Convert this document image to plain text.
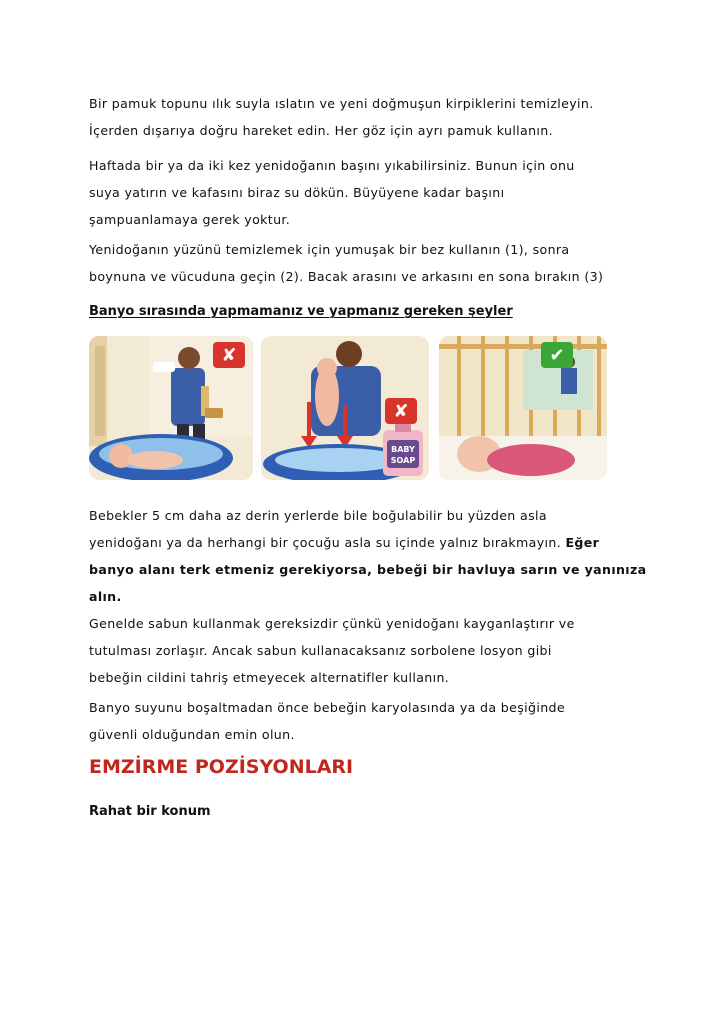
Bir pamuk topunu ılık suyla ıslatın ve yeni doğmuşun kirpiklerini temizleyin.
İçerden dışarıya doğru hareket edin. Her göz için ayrı pamuk kullanın.

Haftada bir ya da iki kez yenidoğanın başını yıkabilirsiniz. Bunun için onu
suya yatırın ve kafasını biraz su dökün. Büyüyene kadar başını
şampuanlamaya gerek yoktur.

Yenidoğanın yüzünü temizlemek için yumuşak bir bez kullanın (1), sonra
boynuna ve vücuduna geçin (2). Bacak arasını ve arkasını en sona bırakın (3)

Banyo sırasında yapmamanız ve yapmanız gereken şeyler

✘
BABY
SOAP
✘
✔

Bebekler 5 cm daha az derin yerlerde bile boğulabilir bu yüzden asla
yenidoğanı ya da herhangi bir çocuğu asla su içinde yalnız bırakmayın. Eğer
banyo alanı terk etmeniz gerekiyorsa, bebeği bir havluya sarın ve yanınıza
alın.

Genelde sabun kullanmak gereksizdir çünkü yenidoğanı kayganlaştırır ve
tutulması zorlaşır. Ancak sabun kullanacaksanız sorbolene losyon gibi
bebeğin cildini tahriş etmeyecek alternatifler kullanın.

Banyo suyunu boşaltmadan önce bebeğin karyolasında ya da beşiğinde
güvenli olduğundan emin olun.

EMZİRME POZİSYONLARI
Rahat bir konum
